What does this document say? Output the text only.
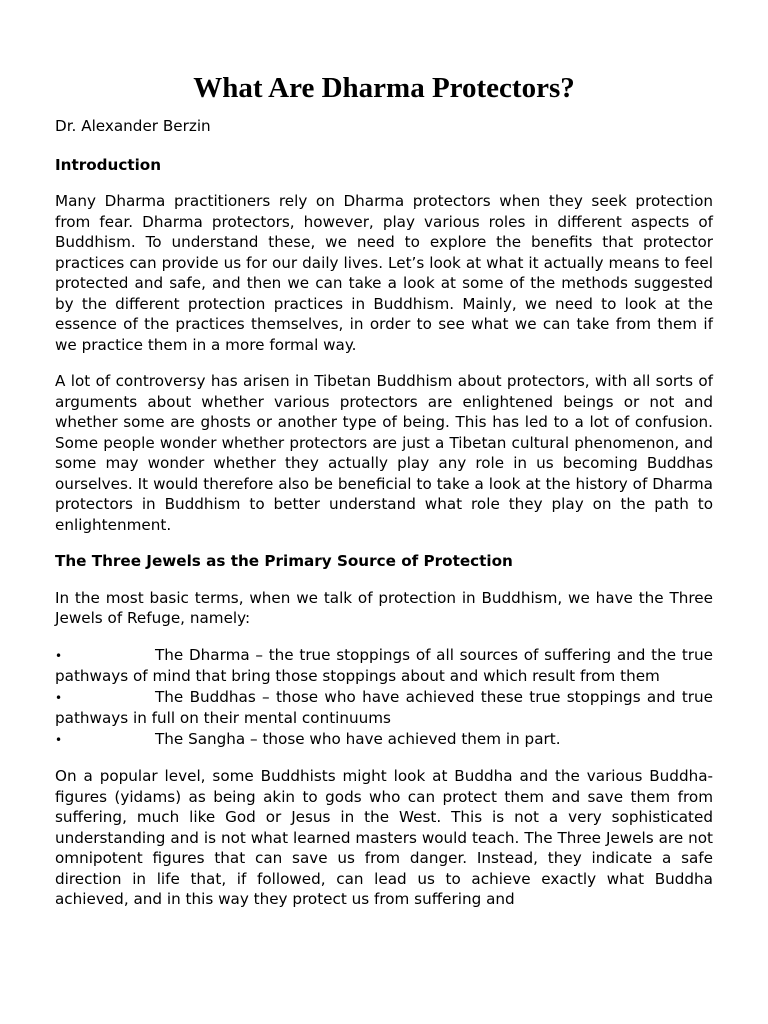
What Are Dharma Protectors?
Dr. Alexander Berzin
Introduction

Many Dharma practitioners rely on Dharma protectors when they seek protection from fear. Dharma protectors, however, play various roles in different aspects of Buddhism. To understand these, we need to explore the benefits that protector practices can provide us for our daily lives. Let’s look at what it actually means to feel protected and safe, and then we can take a look at some of the methods suggested by the different protection practices in Buddhism. Mainly, we need to look at the essence of the practices themselves, in order to see what we can take from them if we practice them in a more formal way.

A lot of controversy has arisen in Tibetan Buddhism about protectors, with all sorts of arguments about whether various protectors are enlightened beings or not and whether some are ghosts or another type of being. This has led to a lot of confusion. Some people wonder whether protectors are just a Tibetan cultural phenomenon, and some may wonder whether they actually play any role in us becoming Buddhas ourselves. It would therefore also be beneficial to take a look at the history of Dharma protectors in Buddhism to better understand what role they play on the path to enlightenment.

The Three Jewels as the Primary Source of Protection

In the most basic terms, when we talk of protection in Buddhism, we have the Three Jewels of Refuge, namely:

•	The Dharma – the true stoppings of all sources of suffering and the true pathways of mind that bring those stoppings about and which result from them
•	The Buddhas – those who have achieved these true stoppings and true pathways in full on their mental continuums
•	The Sangha – those who have achieved them in part.

On a popular level, some Buddhists might look at Buddha and the various Buddha-figures (yidams) as being akin to gods who can protect them and save them from suffering, much like God or Jesus in the West. This is not a very sophisticated understanding and is not what learned masters would teach. The Three Jewels are not omnipotent figures that can save us from danger. Instead, they indicate a safe direction in life that, if followed, can lead us to achieve exactly what Buddha achieved, and in this way they protect us from suffering and
